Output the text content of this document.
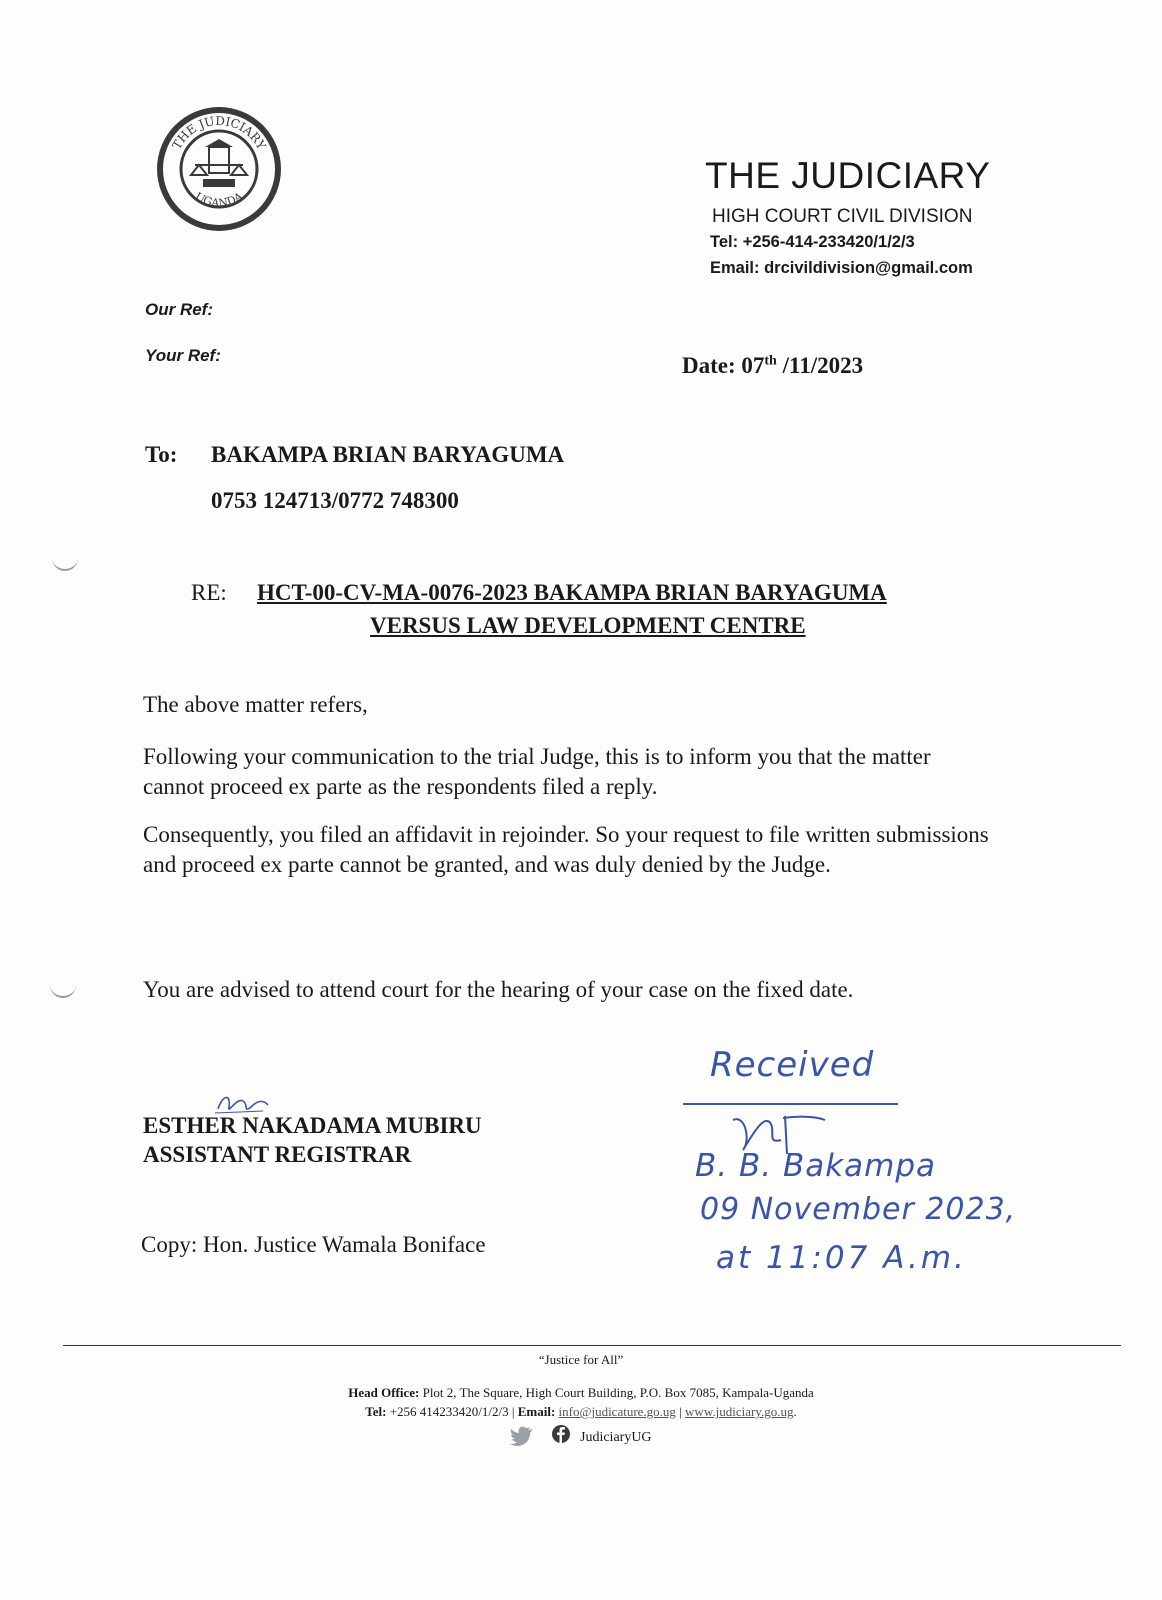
THE JUDICIARY
UGANDA
THE JUDICIARY
HIGH COURT CIVIL DIVISION
Tel: +256-414-233420/1/2/3
Email: drcivildivision@gmail.com
Our Ref:
Your Ref:	Date: 07th /11/2023
To: BAKAMPA BRIAN BARYAGUMA
0753 124713/0772 748300
RE: HCT-00-CV-MA-0076-2023 BAKAMPA BRIAN BARYAGUMA
VERSUS LAW DEVELOPMENT CENTRE
The above matter refers,
Following your communication to the trial Judge, this is to inform you that the matter cannot proceed ex parte as the respondents filed a reply.
Consequently, you filed an affidavit in rejoinder. So your request to file written submissions and proceed ex parte cannot be granted, and was duly denied by the Judge.
You are advised to attend court for the hearing of your case on the fixed date.
ESTHER NAKADAMA MUBIRU
ASSISTANT REGISTRAR
Copy: Hon. Justice Wamala Boniface
Received
B. B. Bakampa
09 November 2023,
at 11:07 A.m.
“Justice for All”
Head Office: Plot 2, The Square, High Court Building, P.O. Box 7085, Kampala-Uganda
Tel: +256 414233420/1/2/3 | Email: info@judicature.go.ug | www.judiciary.go.ug.
JudiciaryUG
